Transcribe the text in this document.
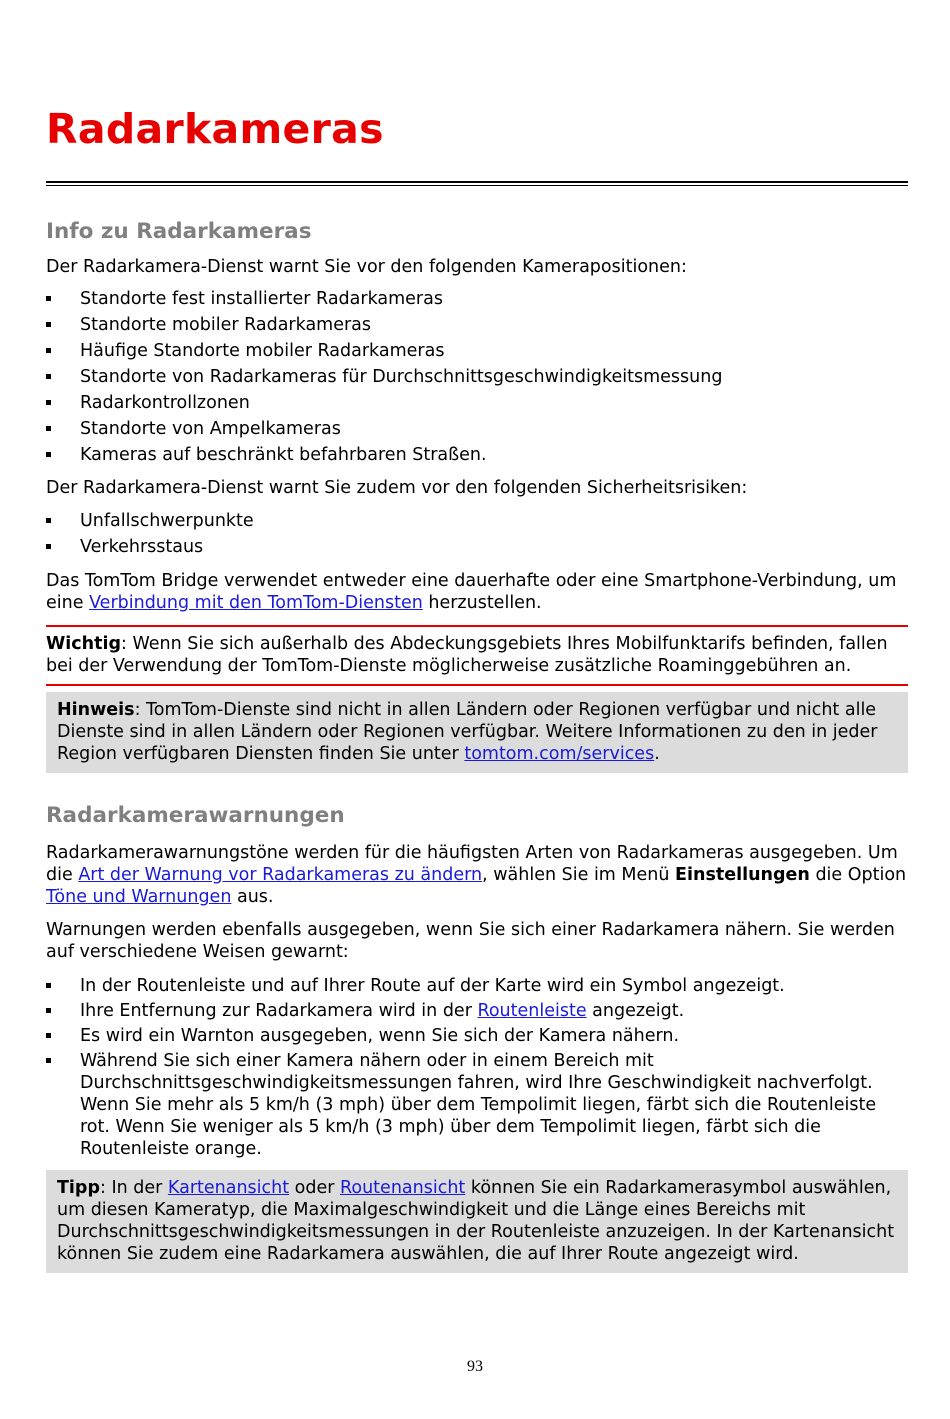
Radarkameras
Info zu Radarkameras

Der Radarkamera-Dienst warnt Sie vor den folgenden Kamerapositionen:

Standorte fest installierter Radarkameras
Standorte mobiler Radarkameras
Häufige Standorte mobiler Radarkameras
Standorte von Radarkameras für Durchschnittsgeschwindigkeitsmessung
Radarkontrollzonen
Standorte von Ampelkameras
Kameras auf beschränkt befahrbaren Straßen.

Der Radarkamera-Dienst warnt Sie zudem vor den folgenden Sicherheitsrisiken:

Unfallschwerpunkte
Verkehrsstaus

Das TomTom Bridge verwendet entweder eine dauerhafte oder eine Smartphone-Verbindung, um eine Verbindung mit den TomTom-Diensten herzustellen.

Wichtig: Wenn Sie sich außerhalb des Abdeckungsgebiets Ihres Mobilfunktarifs befinden, fallen bei der Verwendung der TomTom-Dienste möglicherweise zusätzliche Roaminggebühren an.
Hinweis: TomTom-Dienste sind nicht in allen Ländern oder Regionen verfügbar und nicht alle Dienste sind in allen Ländern oder Regionen verfügbar. Weitere Informationen zu den in jeder Region verfügbaren Diensten finden Sie unter tomtom.com/services.
Radarkamerawarnungen

Radarkamerawarnungstöne werden für die häufigsten Arten von Radarkameras ausgegeben. Um die Art der Warnung vor Radarkameras zu ändern, wählen Sie im Menü Einstellungen die Option Töne und Warnungen aus.

Warnungen werden ebenfalls ausgegeben, wenn Sie sich einer Radarkamera nähern. Sie werden auf verschiedene Weisen gewarnt:

In der Routenleiste und auf Ihrer Route auf der Karte wird ein Symbol angezeigt.
Ihre Entfernung zur Radarkamera wird in der Routenleiste angezeigt.
Es wird ein Warnton ausgegeben, wenn Sie sich der Kamera nähern.
Während Sie sich einer Kamera nähern oder in einem Bereich mit Durchschnittsgeschwindigkeitsmessungen fahren, wird Ihre Geschwindigkeit nachverfolgt. Wenn Sie mehr als 5 km/h (3 mph) über dem Tempolimit liegen, färbt sich die Routenleiste rot. Wenn Sie weniger als 5 km/h (3 mph) über dem Tempolimit liegen, färbt sich die Routenleiste orange.
Tipp: In der Kartenansicht oder Routenansicht können Sie ein Radarkamerasymbol auswählen, um diesen Kameratyp, die Maximalgeschwindigkeit und die Länge eines Bereichs mit Durchschnittsgeschwindigkeitsmessungen in der Routenleiste anzuzeigen. In der Kartenansicht können Sie zudem eine Radarkamera auswählen, die auf Ihrer Route angezeigt wird.
93
